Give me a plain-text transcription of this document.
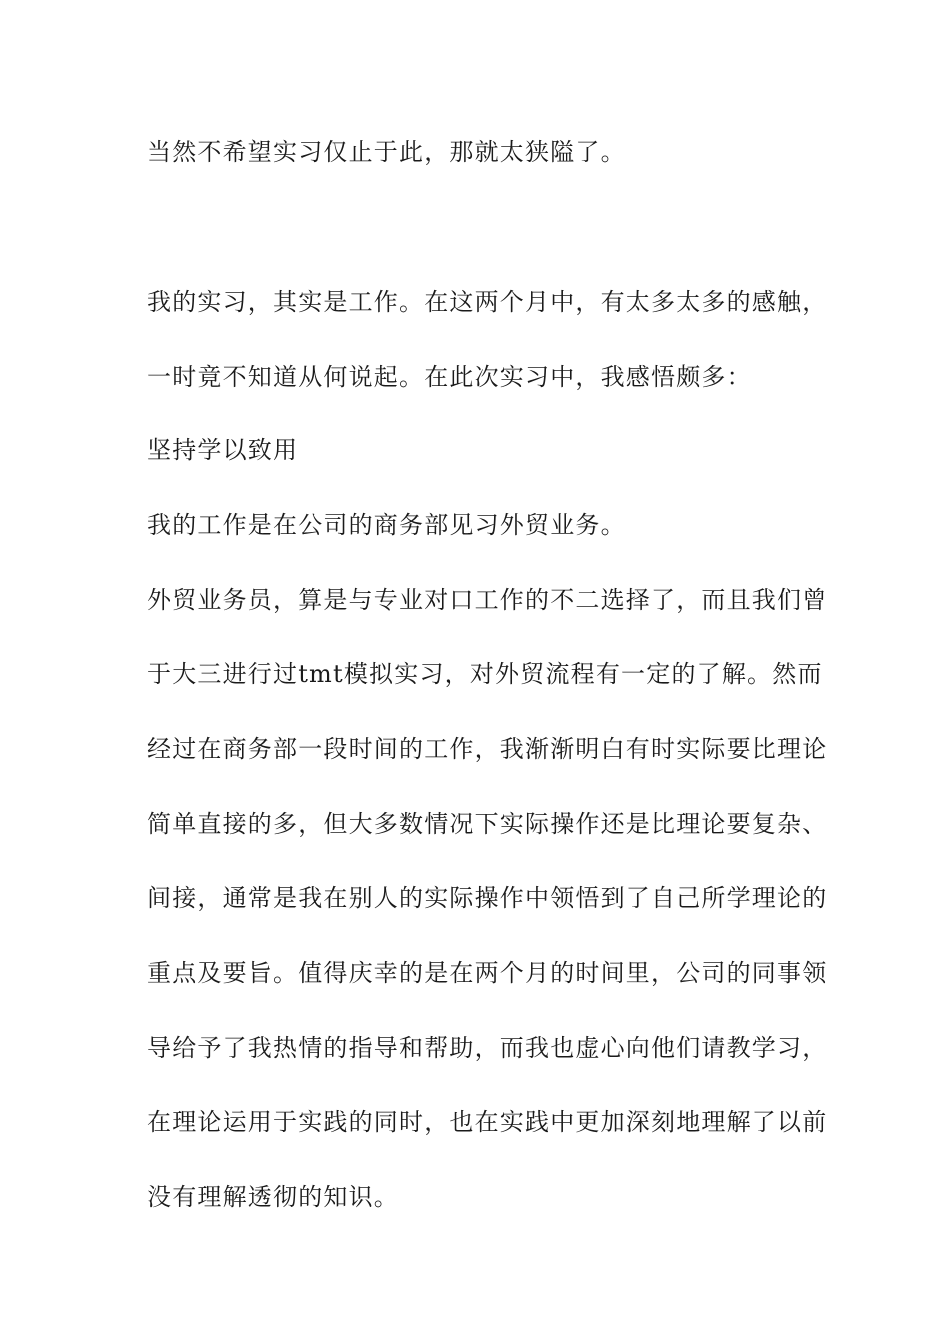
当然不希望实习仅止于此，那就太狭隘了。
我的实习，其实是工作。在这两个月中，有太多太多的感触，
一时竟不知道从何说起。在此次实习中，我感悟颇多：
坚持学以致用
我的工作是在公司的商务部见习外贸业务。
外贸业务员，算是与专业对口工作的不二选择了，而且我们曾
于大三进行过tmt模拟实习，对外贸流程有一定的了解。然而
经过在商务部一段时间的工作，我渐渐明白有时实际要比理论
简单直接的多，但大多数情况下实际操作还是比理论要复杂、
间接，通常是我在别人的实际操作中领悟到了自己所学理论的
重点及要旨。值得庆幸的是在两个月的时间里，公司的同事领
导给予了我热情的指导和帮助，而我也虚心向他们请教学习，
在理论运用于实践的同时，也在实践中更加深刻地理解了以前
没有理解透彻的知识。
